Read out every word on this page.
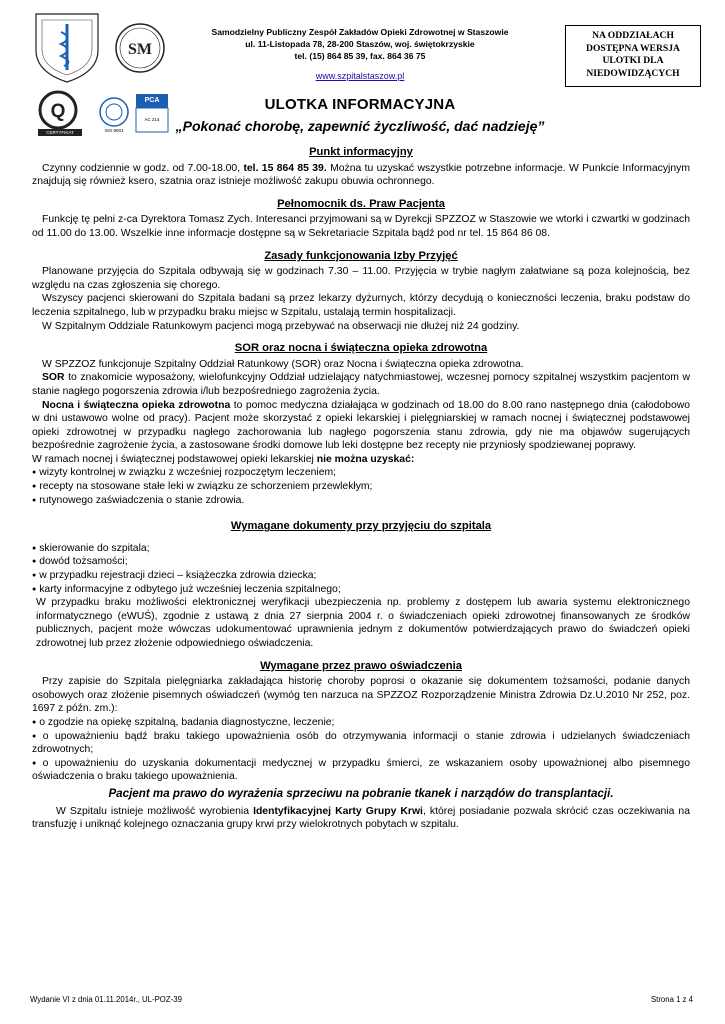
SM
Q
CERTYFIKAT 2013/52
ISO 9001
PCA
AC 214
Samodzielny Publiczny Zespół Zakładów Opieki Zdrowotnej w Staszowie
ul. 11-Listopada 78, 28-200 Staszów, woj. świętokrzyskie
tel. (15) 864 85 39, fax. 864 36 75
www.szpitalstaszow.pl
NA ODDZIAŁACH
DOSTĘPNA WERSJA
ULOTKI DLA
NIEDOWIDZĄCYCH
ULOTKA INFORMACYJNA
„Pokonać chorobę, zapewnić życzliwość, dać nadzieję”
Punkt informacyjny

Czynny codziennie w godz. od 7.00-18.00, tel. 15 864 85 39. Można tu uzyskać wszystkie potrzebne informacje. W Punkcie Informacyjnym znajdują się również ksero, szatnia oraz istnieje możliwość zakupu obuwia ochronnego.

Pełnomocnik ds. Praw Pacjenta

Funkcję tę pełni z-ca Dyrektora Tomasz Zych. Interesanci przyjmowani są w Dyrekcji SPZZOZ w Staszowie we wtorki i czwartki w godzinach od 11.00 do 13.00. Wszelkie inne informacje dostępne są w Sekretariacie Szpitala bądź pod nr tel. 15 864 86 08.

Zasady funkcjonowania Izby Przyjęć

Planowane przyjęcia do Szpitala odbywają się w godzinach 7.30 – 11.00. Przyjęcia w trybie nagłym załatwiane są poza kolejnością, bez względu na czas zgłoszenia się chorego.

Wszyscy pacjenci skierowani do Szpitala badani są przez lekarzy dyżurnych, którzy decydują o konieczności leczenia, braku podstaw do leczenia szpitalnego, lub w przypadku braku miejsc w Szpitalu, ustalają termin hospitalizacji.

W Szpitalnym Oddziale Ratunkowym pacjenci mogą przebywać na obserwacji nie dłużej niż 24 godziny.

SOR oraz nocna i świąteczna opieka zdrowotna

W SPZZOZ funkcjonuje Szpitalny Oddział Ratunkowy (SOR) oraz Nocna i świąteczna opieka zdrowotna.

SOR to znakomicie wyposażony, wielofunkcyjny Oddział udzielający natychmiastowej, wczesnej pomocy szpitalnej wszystkim pacjentom w stanie nagłego pogorszenia zdrowia i/lub bezpośredniego zagrożenia życia.

Nocna i świąteczna opieka zdrowotna to pomoc medyczna działająca w godzinach od 18.00 do 8.00 rano następnego dnia (całodobowo w dni ustawowo wolne od pracy). Pacjent może skorzystać z opieki lekarskiej i pielęgniarskiej w ramach nocnej i świątecznej podstawowej opieki zdrowotnej w przypadku nagłego zachorowania lub nagłego pogorszenia stanu zdrowia, gdy nie ma objawów sugerujących bezpośrednie zagrożenie życia, a zastosowane środki domowe lub leki dostępne bez recepty nie przyniosły spodziewanej poprawy.

W ramach nocnej i świątecznej podstawowej opieki lekarskiej nie można uzyskać:

● wizyty kontrolnej w związku z wcześniej rozpoczętym leczeniem;
● recepty na stosowane stałe leki w związku ze schorzeniem przewlekłym;
● rutynowego zaświadczenia o stanie zdrowia.
Wymagane dokumenty przy przyjęciu do szpitala
● skierowanie do szpitala;
● dowód tożsamości;
● w przypadku rejestracji dzieci – książeczka zdrowia dziecka;
● karty informacyjne z odbytego już wcześniej leczenia szpitalnego;

W przypadku braku możliwości elektronicznej weryfikacji ubezpieczenia np. problemy z dostępem lub awaria systemu elektronicznego informatycznego (eWUŚ), zgodnie z ustawą z dnia 27 sierpnia 2004 r. o świadczeniach opieki zdrowotnej finansowanych ze środków publicznych, pacjent może wówczas udokumentować uprawnienia jednym z dokumentów potwierdzających prawo do świadczeń opieki zdrowotnej lub przez złożenie odpowiedniego oświadczenia.

Wymagane przez prawo oświadczenia

Przy zapisie do Szpitala pielęgniarka zakładająca historię choroby poprosi o okazanie się dokumentem tożsamości, podanie danych osobowych oraz złożenie pisemnych oświadczeń (wymóg ten narzuca na SPZZOZ Rozporządzenie Ministra Zdrowia Dz.U.2010 Nr 252, poz. 1697 z późn. zm.):

● o zgodzie na opiekę szpitalną, badania diagnostyczne, leczenie;
● o upoważnieniu bądź braku takiego upoważnienia osób do otrzymywania informacji o stanie zdrowia i udzielanych świadczeniach zdrowotnych;
● o upoważnieniu do uzyskania dokumentacji medycznej w przypadku śmierci, ze wskazaniem osoby upoważnionej albo pisemnego oświadczenia o braku takiego upoważnienia.

Pacjent ma prawo do wyrażenia sprzeciwu na pobranie tkanek i narządów do transplantacji.

W Szpitalu istnieje możliwość wyrobienia Identyfikacyjnej Karty Grupy Krwi, której posiadanie pozwala skrócić czas oczekiwania na transfuzję i uniknąć kolejnego oznaczania grupy krwi przy wielokrotnych pobytach w szpitalu.

Wydanie VI z dnia 01.11.2014r., UL-POZ-39	Strona 1 z 4
